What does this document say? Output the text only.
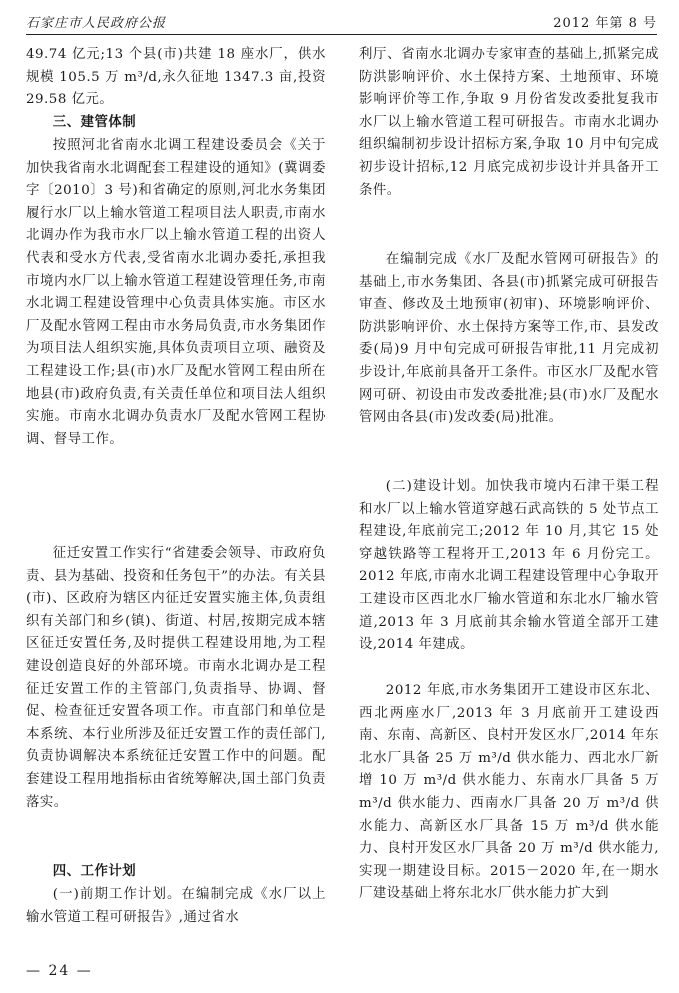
石家庄市人民政府公报	2012 年第 8 号

49.74 亿元;13 个县(市)共建 18 座水厂，供水规模 105.5 万 m³/d,永久征地 1347.3 亩,投资 29.58 亿元。

三、建管体制

按照河北省南水北调工程建设委员会《关于加快我省南水北调配套工程建设的通知》(冀调委字〔2010〕3 号)和省确定的原则,河北水务集团履行水厂以上输水管道工程项目法人职责,市南水北调办作为我市水厂以上输水管道工程的出资人代表和受水方代表,受省南水北调办委托,承担我市境内水厂以上输水管道工程建设管理任务,市南水北调工程建设管理中心负责具体实施。市区水厂及配水管网工程由市水务局负责,市水务集团作为项目法人组织实施,具体负责项目立项、融资及工程建设工作;县(市)水厂及配水管网工程由所在地县(市)政府负责,有关责任单位和项目法人组织实施。市南水北调办负责水厂及配水管网工程协调、督导工作。

征迁安置工作实行“省建委会领导、市政府负责、县为基础、投资和任务包干”的办法。有关县(市)、区政府为辖区内征迁安置实施主体,负责组织有关部门和乡(镇)、街道、村居,按期完成本辖区征迁安置任务,及时提供工程建设用地,为工程建设创造良好的外部环境。市南水北调办是工程征迁安置工作的主管部门,负责指导、协调、督促、检查征迁安置各项工作。市直部门和单位是本系统、本行业所涉及征迁安置工作的责任部门,负责协调解决本系统征迁安置工作中的问题。配套建设工程用地指标由省统筹解决,国土部门负责落实。

四、工作计划

(一)前期工作计划。在编制完成《水厂以上输水管道工程可研报告》,通过省水

利厅、省南水北调办专家审查的基础上,抓紧完成防洪影响评价、水土保持方案、土地预审、环境影响评价等工作,争取 9 月份省发改委批复我市水厂以上输水管道工程可研报告。市南水北调办组织编制初步设计招标方案,争取 10 月中旬完成初步设计招标,12 月底完成初步设计并具备开工条件。

在编制完成《水厂及配水管网可研报告》的基础上,市水务集团、各县(市)抓紧完成可研报告审查、修改及土地预审(初审)、环境影响评价、防洪影响评价、水土保持方案等工作,市、县发改委(局)9 月中旬完成可研报告审批,11 月完成初步设计,年底前具备开工条件。市区水厂及配水管网可研、初设由市发改委批准;县(市)水厂及配水管网由各县(市)发改委(局)批准。

(二)建设计划。加快我市境内石津干渠工程和水厂以上输水管道穿越石武高铁的 5 处节点工程建设,年底前完工;2012 年 10 月,其它 15 处穿越铁路等工程将开工,2013 年 6 月份完工。2012 年底,市南水北调工程建设管理中心争取开工建设市区西北水厂输水管道和东北水厂输水管道,2013 年 3 月底前其余输水管道全部开工建设,2014 年建成。

2012 年底,市水务集团开工建设市区东北、西北两座水厂,2013 年 3 月底前开工建设西南、东南、高新区、良村开发区水厂,2014 年东北水厂具备 25 万 m³/d 供水能力、西北水厂新增 10 万 m³/d 供水能力、东南水厂具备 5 万 m³/d 供水能力、西南水厂具备 20 万 m³/d 供水能力、高新区水厂具备 15 万 m³/d 供水能力、良村开发区水厂具备 20 万 m³/d 供水能力,实现一期建设目标。2015－2020 年,在一期水厂建设基础上将东北水厂供水能力扩大到

— 24 —
